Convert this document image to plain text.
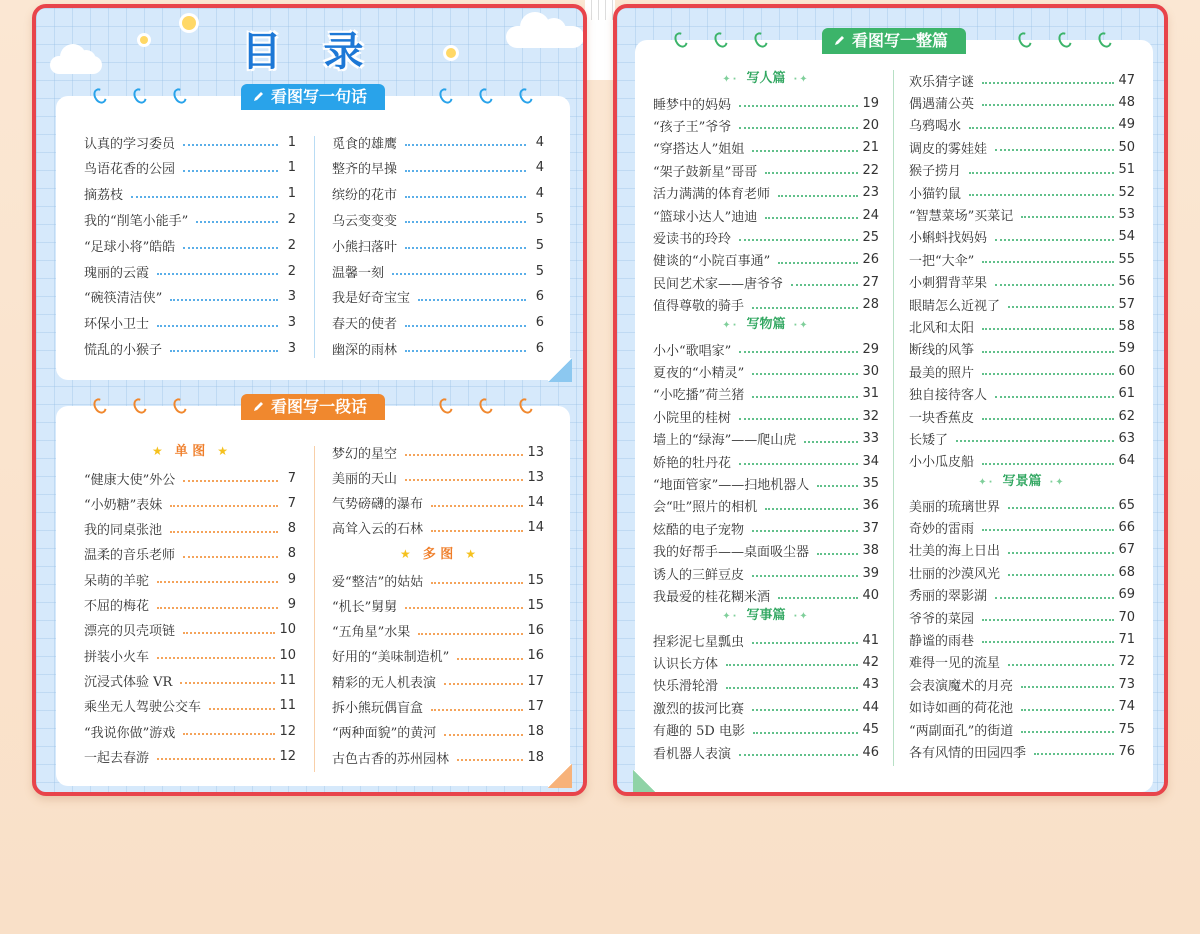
目 录
看图写一句话
认真的学习委员	1
鸟语花香的公园	1
摘荔枝	1
我的“削笔小能手”	2
“足球小将”皓皓	2
瑰丽的云霞	2
“碗筷清洁侠”	3
环保小卫士	3
慌乱的小猴子	3
觅食的雄鹰	4
整齐的早操	4
缤纷的花市	4
乌云变变变	5
小熊扫落叶	5
温馨一刻	5
我是好奇宝宝	6
春天的使者	6
幽深的雨林	6
看图写一段话
★ 单 图 ★
“健康大使”外公	7
“小奶糖”表妹	7
我的同桌张池	8
温柔的音乐老师	8
呆萌的羊驼	9
不屈的梅花	9
漂亮的贝壳项链	10
拼装小火车	10
沉浸式体验 VR	11
乘坐无人驾驶公交车	11
“我说你做”游戏	12
一起去春游	12
★ 多 图 ★
梦幻的星空	13
美丽的天山	13
气势磅礴的瀑布	14
高耸入云的石林	14
爱“整洁”的姑姑	15
“机长”舅舅	15
“五角星”水果	16
好用的“美味制造机”	16
精彩的无人机表演	17
拆小熊玩偶盲盒	17
“两种面貌”的黄河	18
古色古香的苏州园林	18
看图写一整篇
✦· 写人篇 ·✦
✦· 写物篇 ·✦
✦· 写事篇 ·✦
睡梦中的妈妈	19
“孩子王”爷爷	20
“穿搭达人”姐姐	21
“架子鼓新星”哥哥	22
活力满满的体育老师	23
“篮球小达人”迪迪	24
爱读书的玲玲	25
健谈的“小院百事通”	26
民间艺术家——唐爷爷	27
值得尊敬的骑手	28
小小“歌唱家”	29
夏夜的“小精灵”	30
“小吃播”荷兰猪	31
小院里的桂树	32
墙上的“绿海”——爬山虎	33
娇艳的牡丹花	34
“地面管家”——扫地机器人	35
会“吐”照片的相机	36
炫酷的电子宠物	37
我的好帮手——桌面吸尘器	38
诱人的三鲜豆皮	39
我最爱的桂花糊米酒	40
捏彩泥七星瓢虫	41
认识长方体	42
快乐滑轮滑	43
激烈的拔河比赛	44
有趣的 5D 电影	45
看机器人表演	46
✦· 写景篇 ·✦
欢乐猜字谜	47
偶遇蒲公英	48
乌鸦喝水	49
调皮的雾娃娃	50
猴子捞月	51
小猫钓鼠	52
“智慧菜场”买菜记	53
小蝌蚪找妈妈	54
一把“大伞”	55
小刺猬背苹果	56
眼睛怎么近视了	57
北风和太阳	58
断线的风筝	59
最美的照片	60
独自接待客人	61
一块香蕉皮	62
长矮了	63
小小瓜皮船	64
美丽的琉璃世界	65
奇妙的雷雨	66
壮美的海上日出	67
壮丽的沙漠风光	68
秀丽的翠影湖	69
爷爷的菜园	70
静谧的雨巷	71
难得一见的流星	72
会表演魔术的月亮	73
如诗如画的荷花池	74
“两副面孔”的街道	75
各有风情的田园四季	76
